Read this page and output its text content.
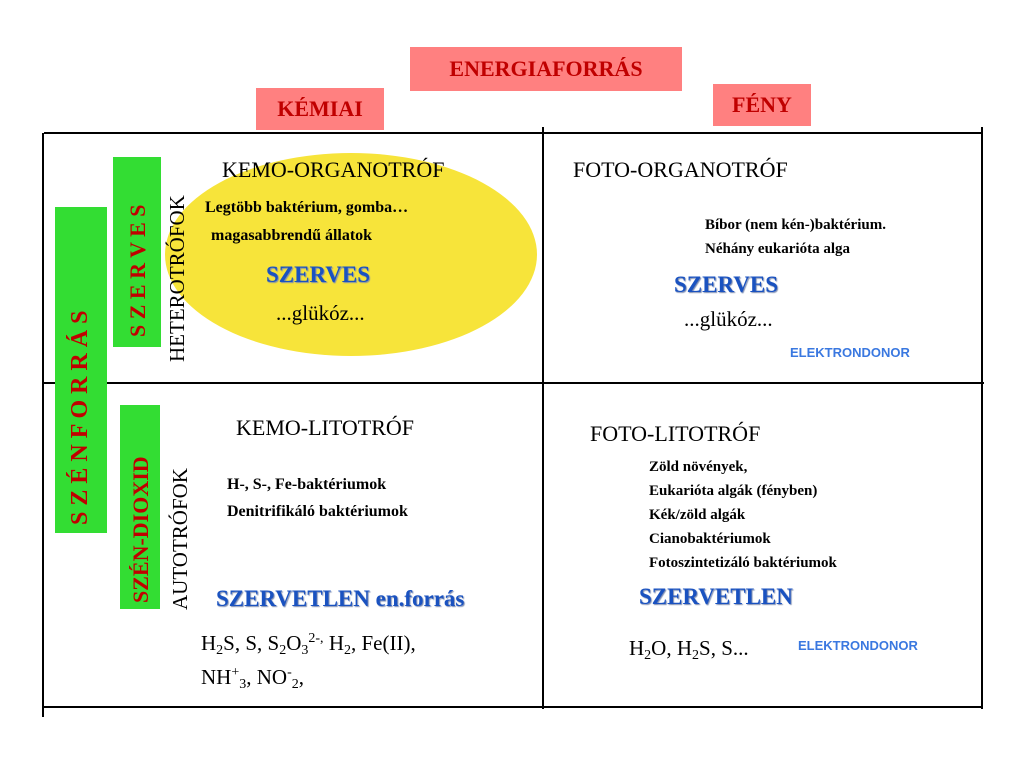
ENERGIAFORRÁS
KÉMIAI	FÉNY
S Z É N F O R R Á S
S Z E R V E S
SZÉN-DIOXID
HETEROTRÓFOK
AUTOTRÓFOK
KEMO-ORGANOTRÓF
Legtöbb baktérium, gomba…
magasabbrendű állatok
SZERVES
...glükóz...
FOTO-ORGANOTRÓF
Bíbor (nem kén-)baktérium.
Néhány eukarióta alga
SZERVES
...glükóz...
ELEKTRONDONOR
KEMO-LITOTRÓF
H-, S-, Fe-baktériumok
Denitrifikáló baktériumok
SZERVETLEN en.forrás
$H_2S$, S, $S_2O_3^{2-,}$ $H_2$, Fe(II),
$NH^+_3$, $NO^-_2$,
FOTO-LITOTRÓF
Zöld növények,
Eukarióta algák (fényben)
Kék/zöld algák
Cianobaktériumok
Fotoszintetizáló baktériumok
SZERVETLEN
$H_2O$, $H_2S$, S...	ELEKTRONDONOR
